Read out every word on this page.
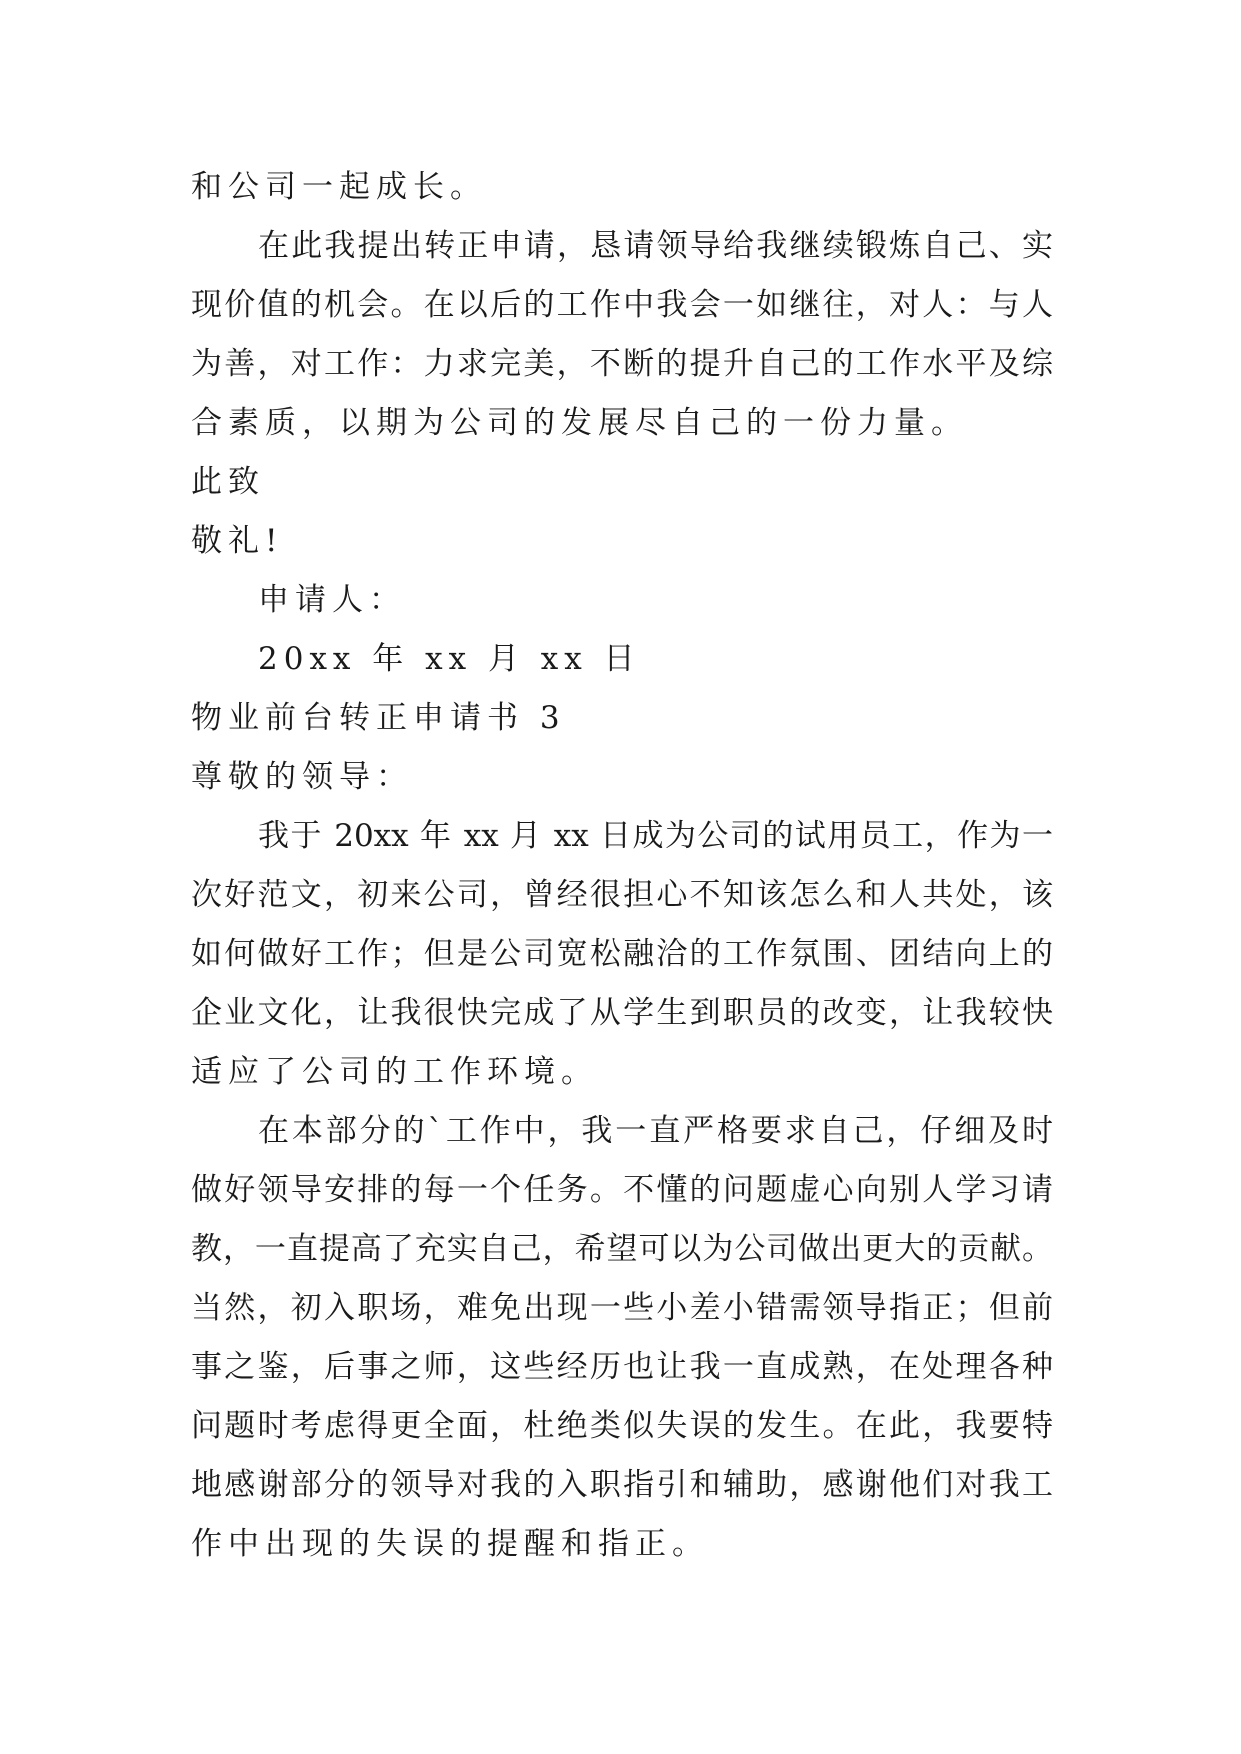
和公司一起成长。
在此我提出转正申请，恳请领导给我继续锻炼自己、实
现价值的机会。在以后的工作中我会一如继往，对人：与人
为善，对工作：力求完美，不断的提升自己的工作水平及综
合素质，以期为公司的发展尽自己的一份力量。
此致
敬礼!
申请人：
20xx 年 xx 月 xx 日
物业前台转正申请书 3
尊敬的领导：
我于 20xx 年 xx 月 xx 日成为公司的试用员工，作为一
次好范文，初来公司，曾经很担心不知该怎么和人共处，该
如何做好工作；但是公司宽松融洽的工作氛围、团结向上的
企业文化，让我很快完成了从学生到职员的改变，让我较快
适应了公司的工作环境。
在本部分的`工作中，我一直严格要求自己，仔细及时
做好领导安排的每一个任务。不懂的问题虚心向别人学习请
教，一直提高了充实自己，希望可以为公司做出更大的贡献。
当然，初入职场，难免出现一些小差小错需领导指正；但前
事之鉴，后事之师，这些经历也让我一直成熟，在处理各种
问题时考虑得更全面，杜绝类似失误的发生。在此，我要特
地感谢部分的领导对我的入职指引和辅助，感谢他们对我工
作中出现的失误的提醒和指正。
